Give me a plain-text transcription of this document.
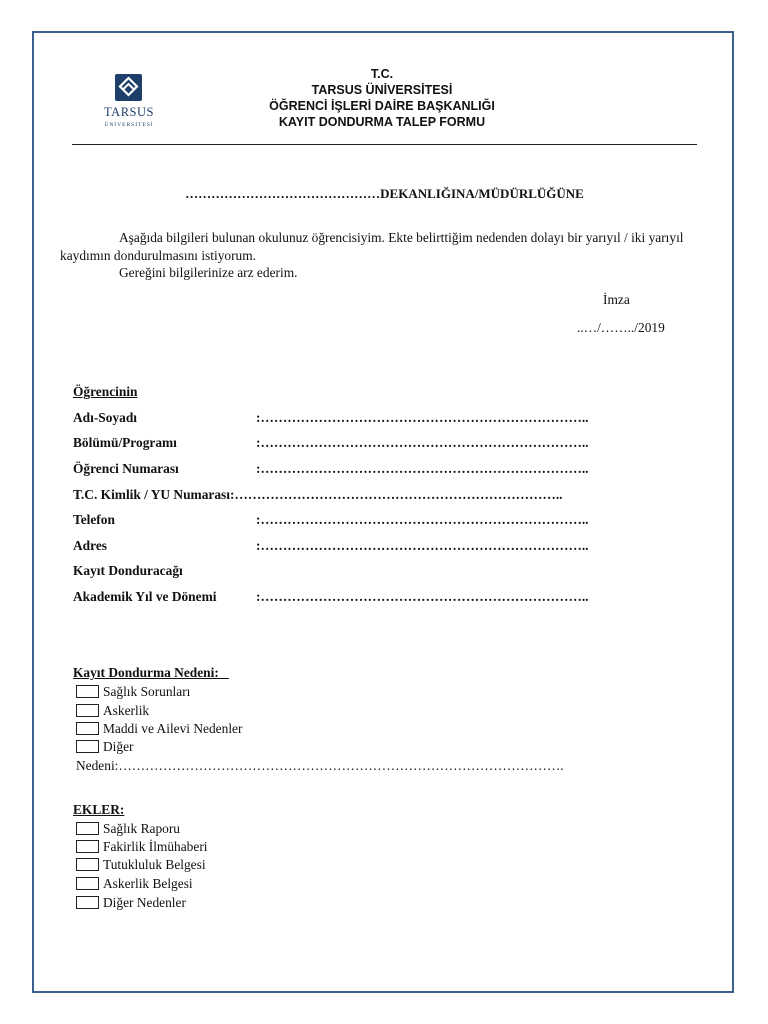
TARSUS
ÜNİVERSİTESİ
T.C.
TARSUS ÜNİVERSİTESİ
ÖĞRENCİ İŞLERİ DAİRE BAŞKANLIĞI
KAYIT DONDURMA TALEP FORMU
………………………………………DEKANLIĞINA/MÜDÜRLÜĞÜNE
Aşağıda bilgileri bulunan okulunuz öğrencisiyim. Ekte belirttiğim nedenden dolayı bir yarıyıl / iki yarıyıl kaydımın dondurulmasını istiyorum.
Gereğini bilgilerinize arz ederim.
İmza
..…/……../2019
Öğrencinin
Adı-Soyadı	:………………………………………………………………..
Bölümü/Programı	:………………………………………………………………..
Öğrenci Numarası	:………………………………………………………………..
T.C. Kimlik / YU Numarası:………………………………………………………………..
Telefon	:………………………………………………………………..
Adres	:………………………………………………………………..
Kayıt Donduracağı
Akademik Yıl ve Dönemi	:………………………………………………………………..
Kayıt Dondurma Nedeni:
Sağlık Sorunları
Askerlik
Maddi ve Ailevi Nedenler
Diğer
Nedeni:……………………………………………………………………………………….
EKLER:
Sağlık Raporu
Fakirlik İlmühaberi
Tutukluluk Belgesi
Askerlik Belgesi
Diğer Nedenler
